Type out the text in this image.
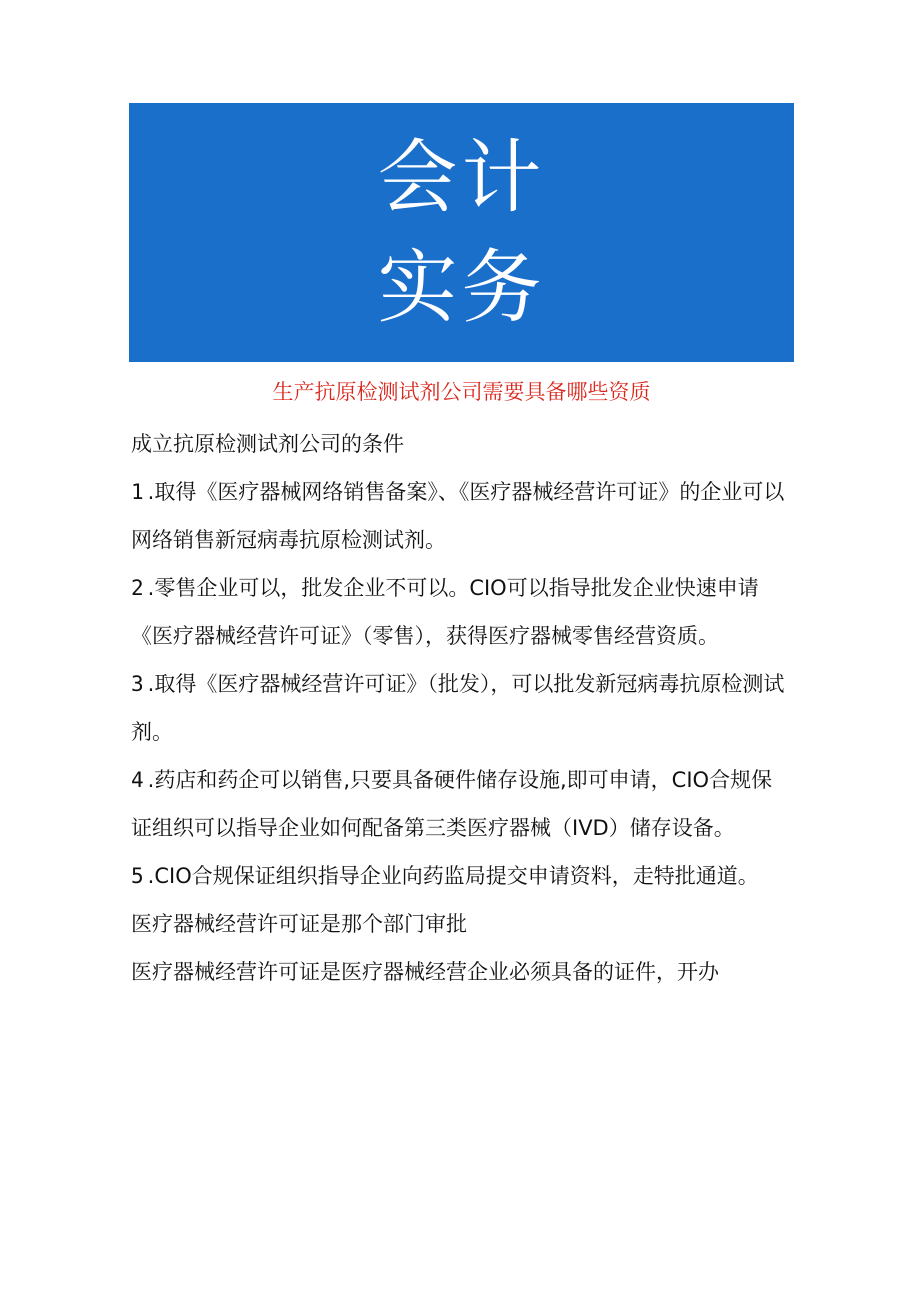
会计
实务
生产抗原检测试剂公司需要具备哪些资质

成立抗原检测试剂公司的条件

1 .取得《医疗器械网络销售备案》、《医疗器械经营许可证》的企业可以网络销售新冠病毒抗原检测试剂。

2 .零售企业可以，批发企业不可以。CIO可以指导批发企业快速申请《医疗器械经营许可证》（零售），获得医疗器械零售经营资质。

3 .取得《医疗器械经营许可证》（批发），可以批发新冠病毒抗原检测试剂。

4 .药店和药企可以销售,只要具备硬件储存设施,即可申请，CIO合规保证组织可以指导企业如何配备第三类医疗器械（IVD）储存设备。

5 .CIO合规保证组织指导企业向药监局提交申请资料，走特批通道。

医疗器械经营许可证是那个部门审批

医疗器械经营许可证是医疗器械经营企业必须具备的证件，开办
